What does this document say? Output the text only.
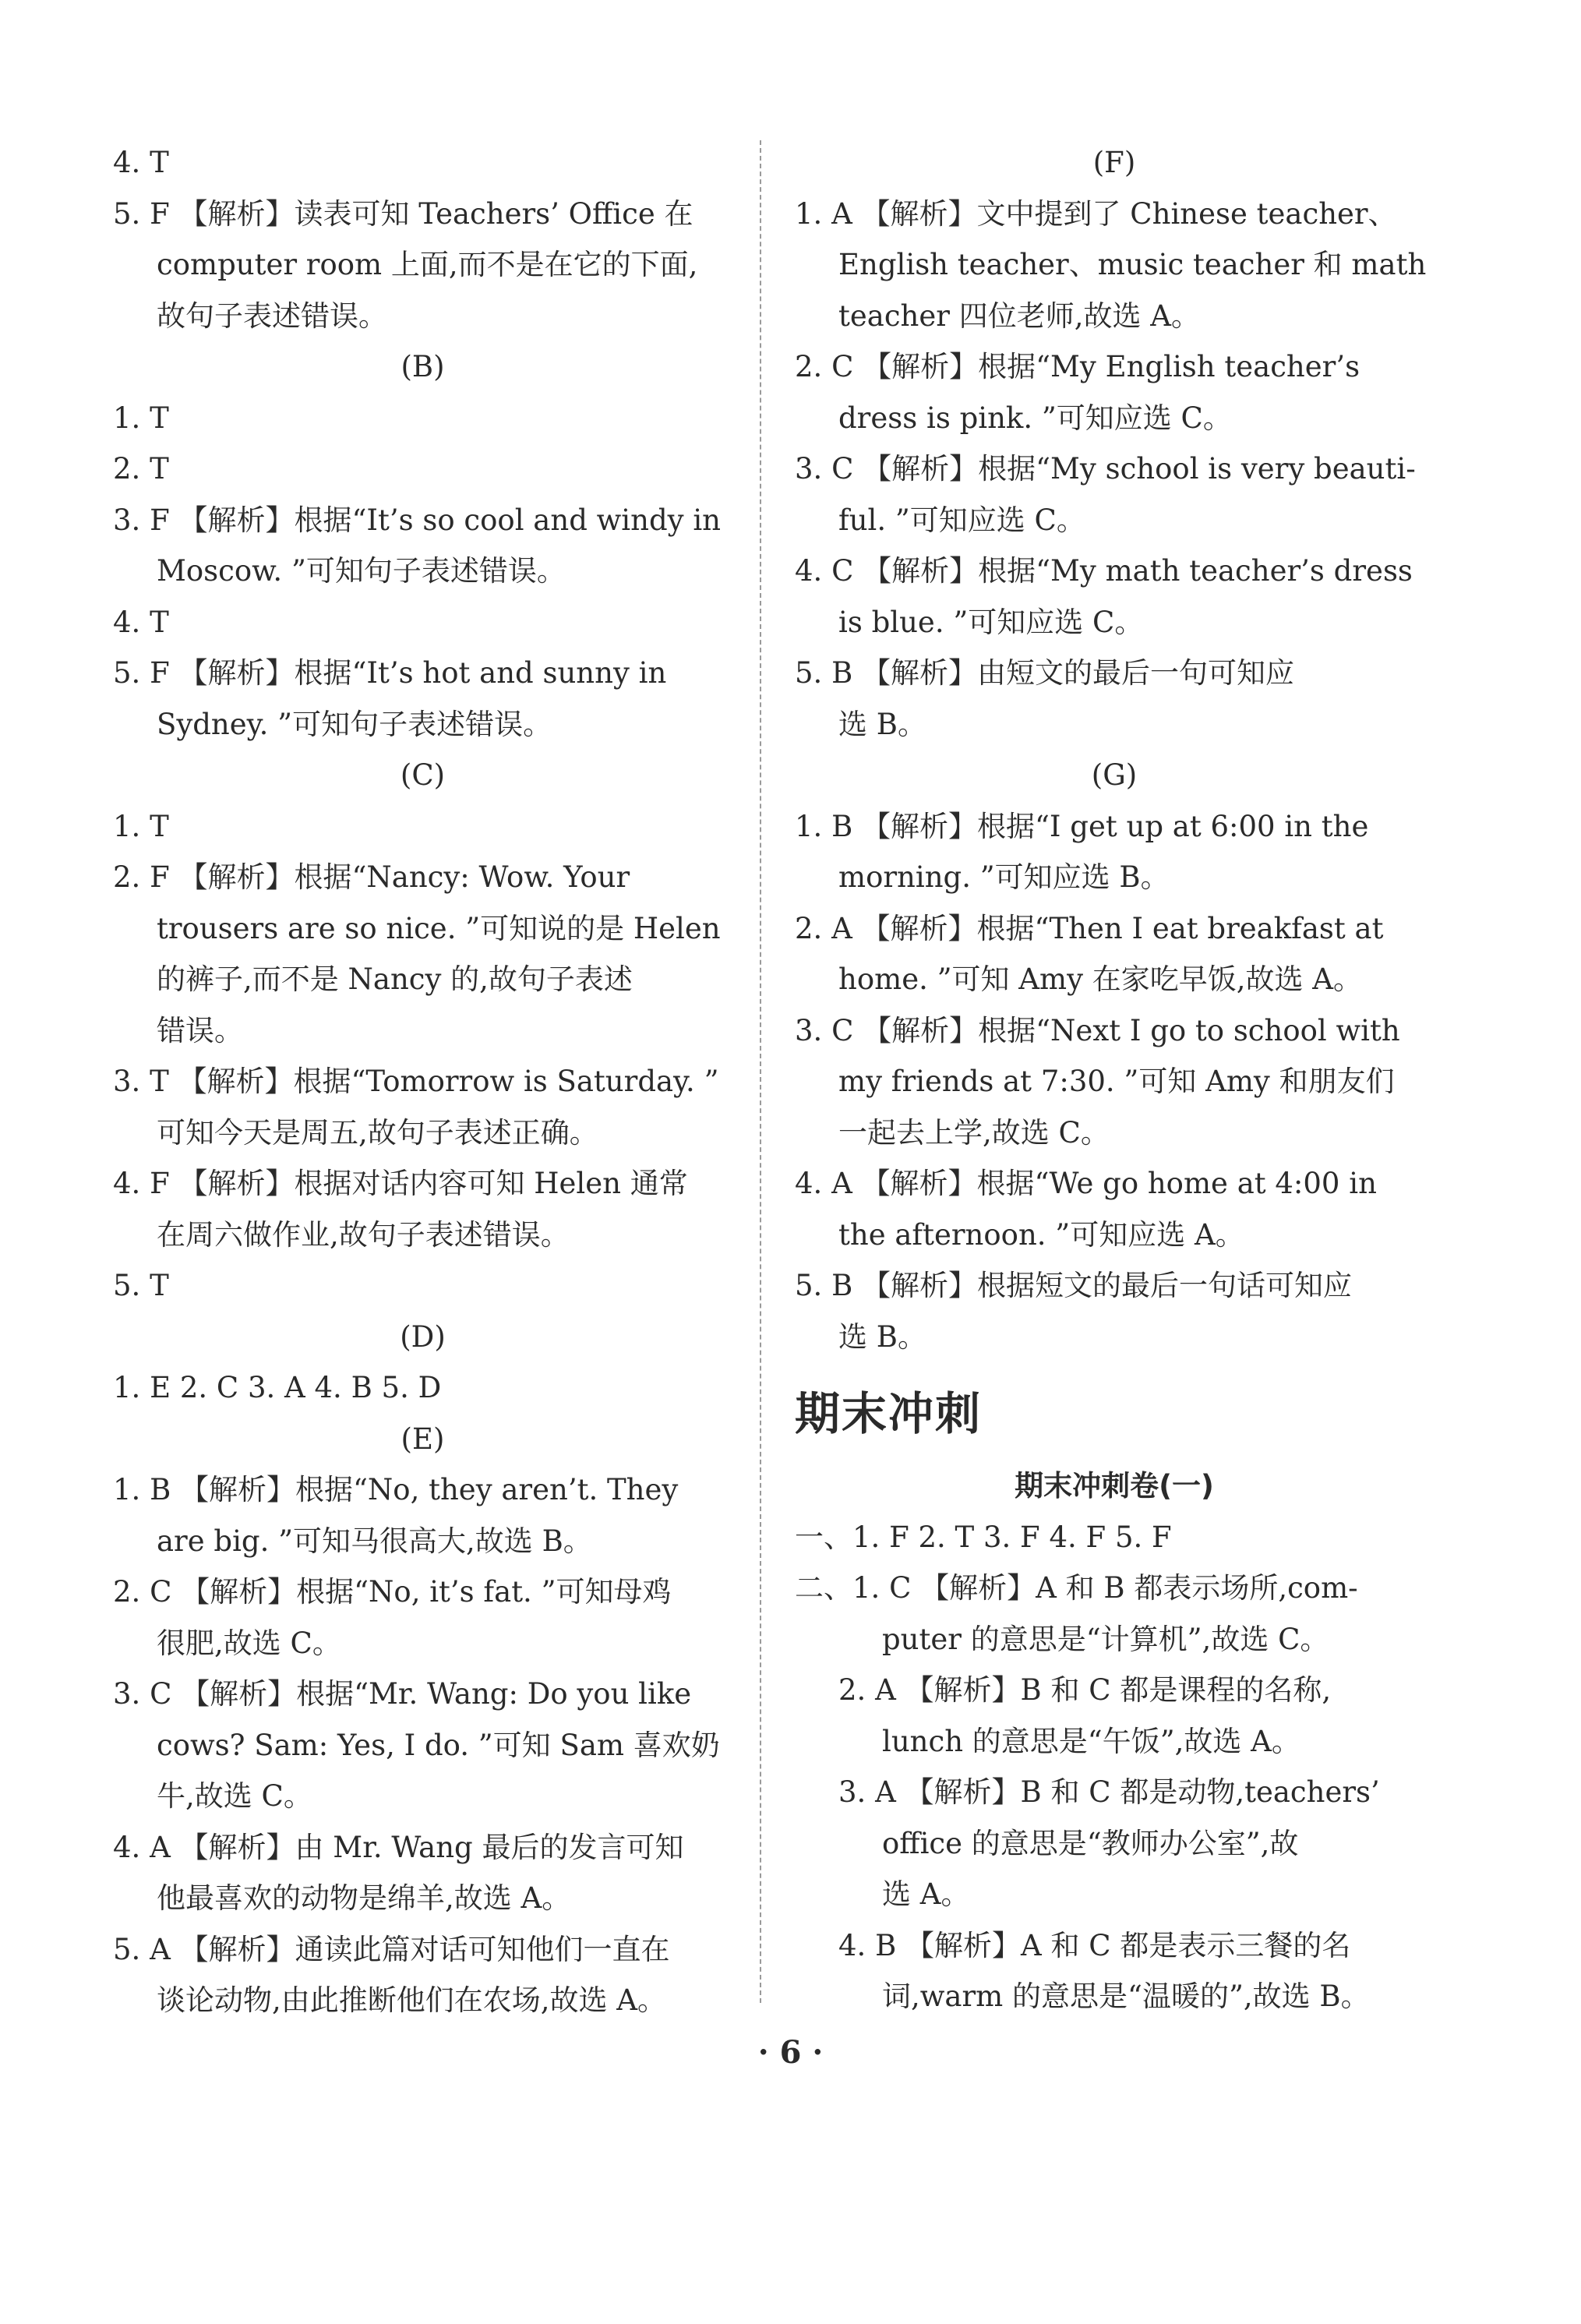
4. T
5. F 【解析】读表可知 Teachers’ Office 在
computer room 上面,而不是在它的下面,
故句子表述错误。
(B)
1. T
2. T
3. F 【解析】根据“It’s so cool and windy in
Moscow. ”可知句子表述错误。
4. T
5. F 【解析】根据“It’s hot and sunny in
Sydney. ”可知句子表述错误。
(C)
1. T
2. F 【解析】根据“Nancy: Wow. Your
trousers are so nice. ”可知说的是 Helen
的裤子,而不是 Nancy 的,故句子表述
错误。
3. T 【解析】根据“Tomorrow is Saturday. ”
可知今天是周五,故句子表述正确。
4. F 【解析】根据对话内容可知 Helen 通常
在周六做作业,故句子表述错误。
5. T
(D)
1. E 2. C 3. A 4. B 5. D
(E)
1. B 【解析】根据“No, they aren’t. They
are big. ”可知马很高大,故选 B。
2. C 【解析】根据“No, it’s fat. ”可知母鸡
很肥,故选 C。
3. C 【解析】根据“Mr. Wang: Do you like
cows? Sam: Yes, I do. ”可知 Sam 喜欢奶
牛,故选 C。
4. A 【解析】由 Mr. Wang 最后的发言可知
他最喜欢的动物是绵羊,故选 A。
5. A 【解析】通读此篇对话可知他们一直在
谈论动物,由此推断他们在农场,故选 A。
(F)
1. A 【解析】文中提到了 Chinese teacher、
English teacher、music teacher 和 math
teacher 四位老师,故选 A。
2. C 【解析】根据“My English teacher’s
dress is pink. ”可知应选 C。
3. C 【解析】根据“My school is very beauti-
ful. ”可知应选 C。
4. C 【解析】根据“My math teacher’s dress
is blue. ”可知应选 C。
5. B 【解析】由短文的最后一句可知应
选 B。
(G)
1. B 【解析】根据“I get up at 6:00 in the
morning. ”可知应选 B。
2. A 【解析】根据“Then I eat breakfast at
home. ”可知 Amy 在家吃早饭,故选 A。
3. C 【解析】根据“Next I go to school with
my friends at 7:30. ”可知 Amy 和朋友们
一起去上学,故选 C。
4. A 【解析】根据“We go home at 4:00 in
the afternoon. ”可知应选 A。
5. B 【解析】根据短文的最后一句话可知应
选 B。
期末冲刺
期末冲刺卷(一)
一、1. F 2. T 3. F 4. F 5. F
二、1. C 【解析】A 和 B 都表示场所,com-
puter 的意思是“计算机”,故选 C。
2. A 【解析】B 和 C 都是课程的名称,
lunch 的意思是“午饭”,故选 A。
3. A 【解析】B 和 C 都是动物,teachers’
office 的意思是“教师办公室”,故
选 A。
4. B 【解析】A 和 C 都是表示三餐的名
词,warm 的意思是“温暖的”,故选 B。
· 6 ·
